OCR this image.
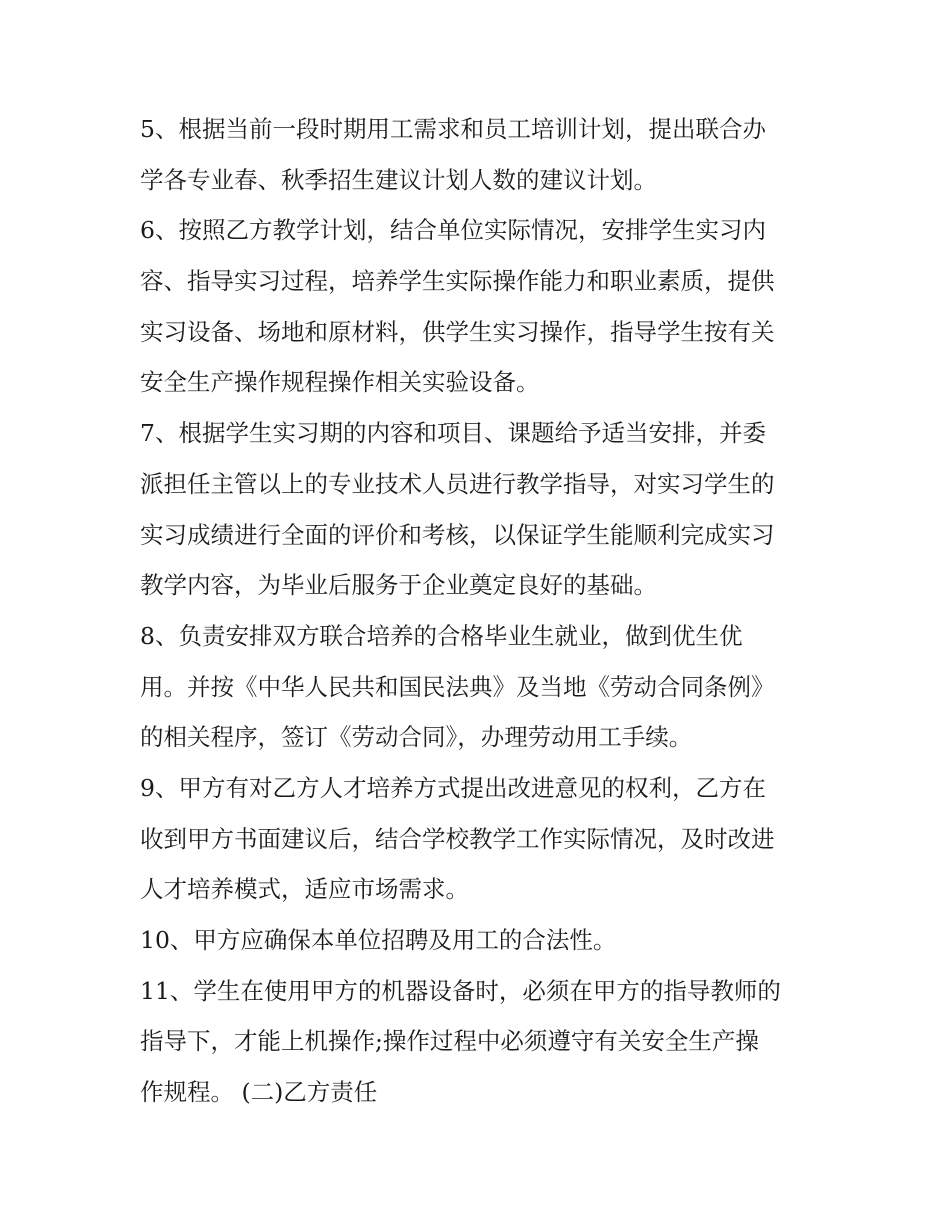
5、根据当前一段时期用工需求和员工培训计划，提出联合办
学各专业春、秋季招生建议计划人数的建议计划。
6、按照乙方教学计划，结合单位实际情况，安排学生实习内
容、指导实习过程，培养学生实际操作能力和职业素质，提供
实习设备、场地和原材料，供学生实习操作，指导学生按有关
安全生产操作规程操作相关实验设备。
7、根据学生实习期的内容和项目、课题给予适当安排，并委
派担任主管以上的专业技术人员进行教学指导，对实习学生的
实习成绩进行全面的评价和考核，以保证学生能顺利完成实习
教学内容，为毕业后服务于企业奠定良好的基础。
8、负责安排双方联合培养的合格毕业生就业，做到优生优
用。并按《中华人民共和国民法典》及当地《劳动合同条例》
的相关程序，签订《劳动合同》，办理劳动用工手续。
9、甲方有对乙方人才培养方式提出改进意见的权利，乙方在
收到甲方书面建议后，结合学校教学工作实际情况，及时改进
人才培养模式，适应市场需求。
10、甲方应确保本单位招聘及用工的合法性。
11、学生在使用甲方的机器设备时，必须在甲方的指导教师的
指导下，才能上机操作;操作过程中必须遵守有关安全生产操
作规程。 (二)乙方责任
